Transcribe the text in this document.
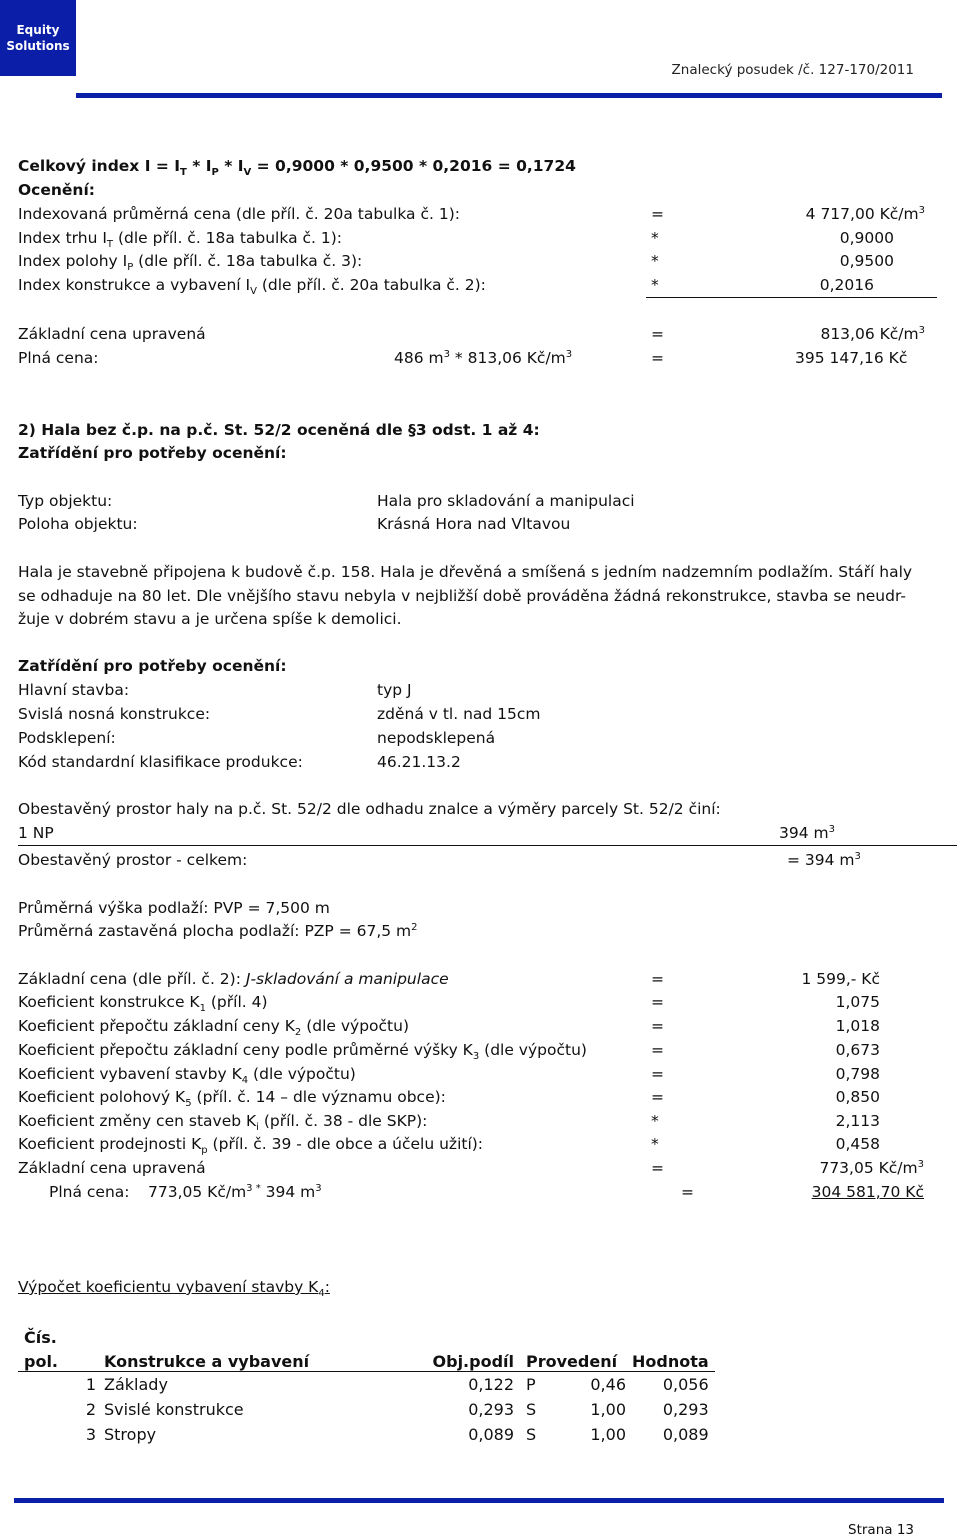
Equity
Solutions
Znalecký posudek /č. 127-170/2011
Celkový index $I = I_T * I_P * I_V = 0,9000 * 0,9500 * 0,2016 = 0,1724$
Ocenění:
Indexovaná průměrná cena (dle příl. č. 20a tabulka č. 1):	=	4 717,00 $Kč/m^3$
Index trhu $I_T$ (dle příl. č. 18a tabulka č. 1):	*	0,9000
Index polohy $I_P$ (dle příl. č. 18a tabulka č. 3):	*	0,9500
Index konstrukce a vybavení $I_V$ (dle příl. č. 20a tabulka č. 2):	*	0,2016
Základní cena upravená	=	813,06 $Kč/m^3$
Plná cena:	486 $m^3 * 813,06$ $Kč/m^3$	=	395 147,16 Kč
2) Hala bez č.p. na p.č. St. 52/2 oceněná dle §3 odst. 1 až 4:
Zatřídění pro potřeby ocenění:
Typ objektu:	Hala pro skladování a manipulaci
Poloha objektu:	Krásná Hora nad Vltavou
Hala je stavebně připojena k budově č.p. 158. Hala je dřevěná a smíšená s jedním nadzemním podlažím. Stáří haly
se odhaduje na 80 let. Dle vnějšího stavu nebyla v nejbližší době prováděna žádná rekonstrukce, stavba se neudr-
žuje v dobrém stavu a je určena spíše k demolici.
Zatřídění pro potřeby ocenění:
Hlavní stavba:	typ J
Svislá nosná konstrukce:	zděná v tl. nad 15cm
Podsklepení:	nepodsklepená
Kód standardní klasifikace produkce:	46.21.13.2
Obestavěný prostor haly na p.č. St. 52/2 dle odhadu znalce a výměry parcely St. 52/2 činí:
1 NP	394 $m^3$
Obestavěný prostor - celkem:	= 394 $m^3$
Průměrná výška podlaží: PVP = 7,500 m
Průměrná zastavěná plocha podlaží: PZP = 67,5 $m^2$
Základní cena (dle příl. č. 2): J-skladování a manipulace	=	1 599,- Kč
Koeficient konstrukce $K_1$ (příl. 4)	=	1,075
Koeficient přepočtu základní ceny $K_2$ (dle výpočtu)	=	1,018
Koeficient přepočtu základní ceny podle průměrné výšky $K_3$ (dle výpočtu)	=	0,673
Koeficient vybavení stavby $K_4$ (dle výpočtu)	=	0,798
Koeficient polohový $K_5$ (příl. č. 14 – dle významu obce):	=	0,850
Koeficient změny cen staveb $K_i$ (příl. č. 38 - dle SKP):	*	2,113
Koeficient prodejnosti $K_p$ (příl. č. 39 - dle obce a účelu užití):	*	0,458
Základní cena upravená	=	773,05 $Kč/m^3$
Plná cena: 773,05 $Kč/m^3$ * 394 $m^3$	=	304 581,70 Kč
Výpočet koeficientu vybavení stavby $K_4$:
Čís.					
pol.	Konstrukce a vybavení	Obj.podíl	Provedení		Hodnota
1	Základy	0,122	P	0,46	0,056
2	Svislé konstrukce	0,293	S	1,00	0,293
3	Stropy	0,089	S	1,00	0,089
Strana 13
